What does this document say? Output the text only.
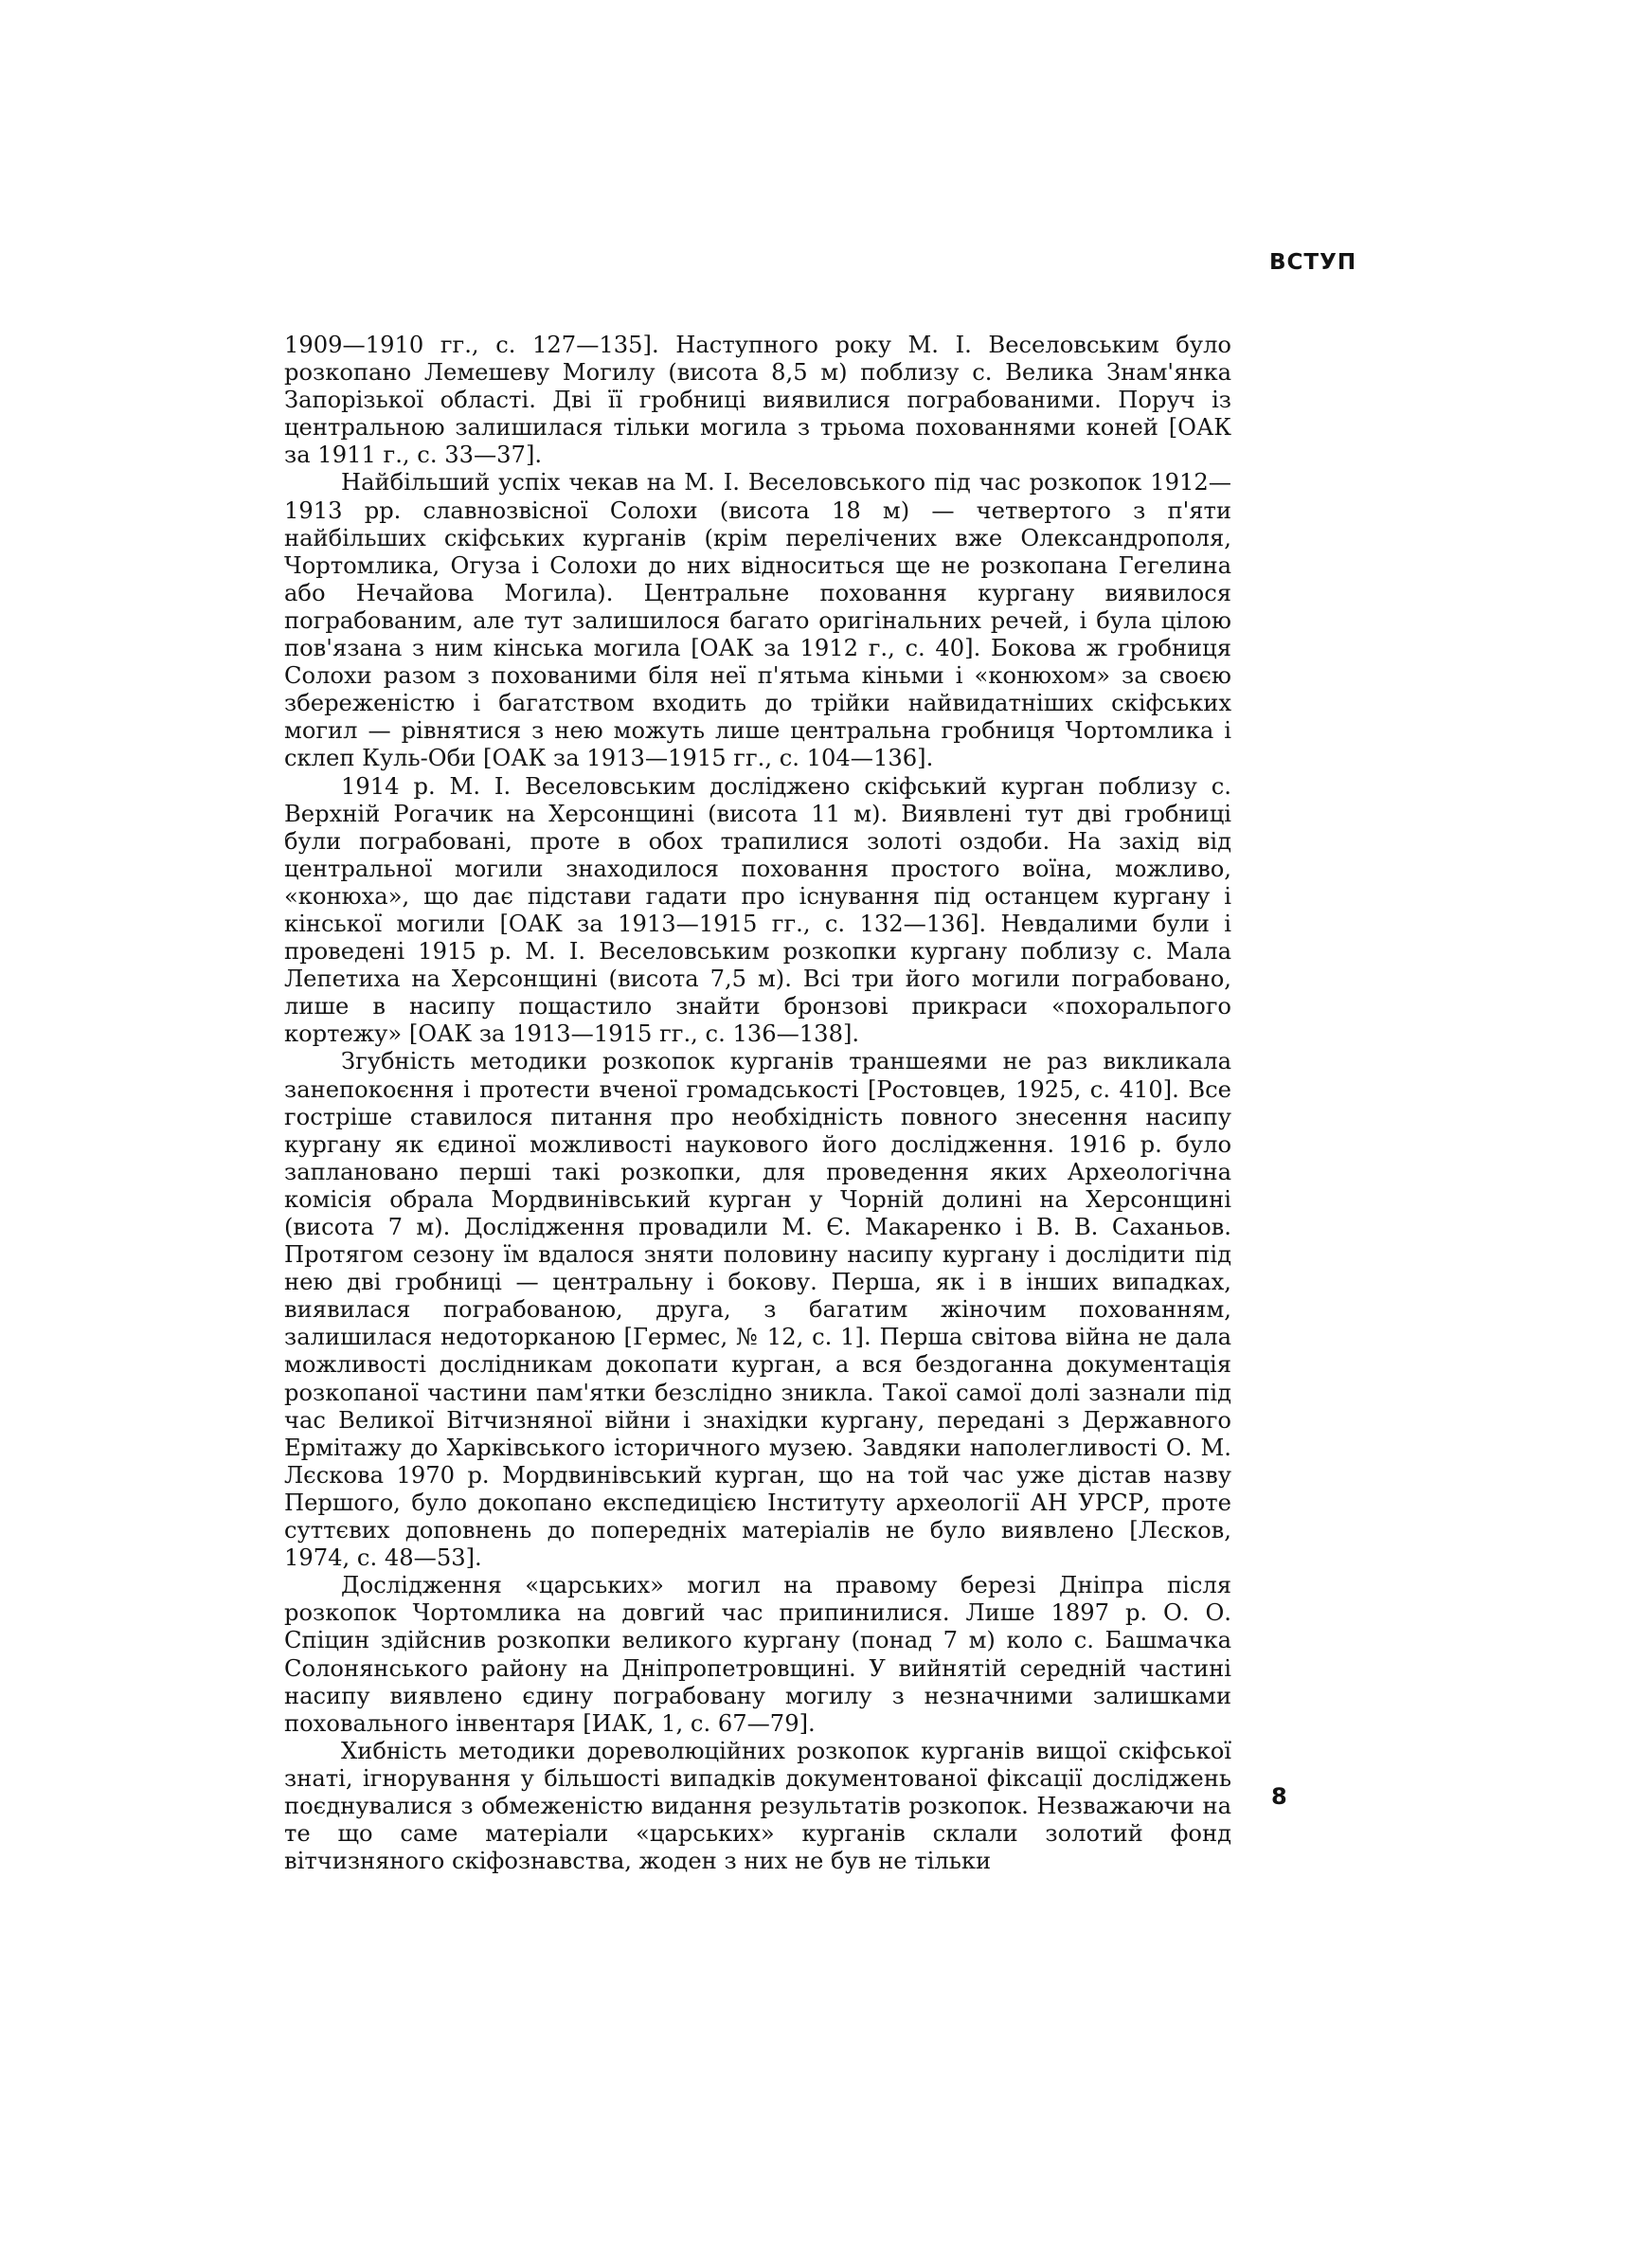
ВСТУП

1909—1910 гг., с. 127—135]. Наступного року М. І. Веселовським було розкопано Лемешеву Могилу (висота 8,5 м) поблизу с. Велика Знам'янка Запорізької області. Дві її гробниці виявилися пограбованими. Поруч із центральною залишилася тільки могила з трьома похованнями коней [ОАК за 1911 г., с. 33—37].

Найбільший успіх чекав на М. І. Веселовського під час розкопок 1912—1913 рр. славнозвісної Солохи (висота 18 м) — четвертого з п'яти найбільших скіфських курганів (крім перелічених вже Олександрополя, Чортомлика, Огуза і Солохи до них відноситься ще не розкопана Гегелина або Нечайова Могила). Центральне поховання кургану виявилося пограбованим, але тут залишилося багато оригінальних речей, і була цілою пов'язана з ним кінська могила [ОАК за 1912 г., с. 40]. Бокова ж гробниця Солохи разом з похованими біля неї п'ятьма кіньми і «конюхом» за своєю збереженістю і багатством входить до трійки найвидатніших скіфських могил — рівнятися з нею можуть лише центральна гробниця Чортомлика і склеп Куль-Оби [ОАК за 1913—1915 гг., с. 104—136].

1914 р. М. І. Веселовським досліджено скіфський курган поблизу с. Верхній Рогачик на Херсонщині (висота 11 м). Виявлені тут дві гробниці були пограбовані, проте в обох трапилися золоті оздоби. На захід від центральної могили знаходилося поховання простого воїна, можливо, «конюха», що дає підстави гадати про існування під останцем кургану і кінської могили [ОАК за 1913—1915 гг., с. 132—136]. Невдалими були і проведені 1915 р. М. І. Веселовським розкопки кургану поблизу с. Мала Лепетиха на Херсонщині (висота 7,5 м). Всі три його могили пограбовано, лише в насипу пощастило знайти бронзові прикраси «похоральпого кортежу» [ОАК за 1913—1915 гг., с. 136—138].

Згубність методики розкопок курганів траншеями не раз викликала занепокоєння і протести вченої громадськості [Ростовцев, 1925, с. 410]. Все гостріше ставилося питання про необхідність повного знесення насипу кургану як єдиної можливості наукового його дослідження. 1916 р. було заплановано перші такі розкопки, для проведення яких Археологічна комісія обрала Мордвинівський курган у Чорній долині на Херсонщині (висота 7 м). Дослідження провадили М. Є. Макаренко і В. В. Саханьов. Протягом сезону їм вдалося зняти половину насипу кургану і дослідити під нею дві гробниці — центральну і бокову. Перша, як і в інших випадках, виявилася пограбованою, друга, з багатим жіночим похованням, залишилася недоторканою [Гермес, № 12, с. 1]. Перша світова війна не дала можливості дослідникам докопати курган, а вся бездоганна документація розкопаної частини пам'ятки безслідно зникла. Такої самої долі зазнали під час Великої Вітчизняної війни і знахідки кургану, передані з Державного Ермітажу до Харківського історичного музею. Завдяки наполегливості О. М. Лєскова 1970 р. Мордвинівський курган, що на той час уже дістав назву Першого, було докопано експедицією Інституту археології АН УРСР, проте суттєвих доповнень до попередніх матеріалів не було виявлено [Лєсков, 1974, с. 48—53].

Дослідження «царських» могил на правому березі Дніпра після розкопок Чортомлика на довгий час припинилися. Лише 1897 р. О. О. Спіцин здійснив розкопки великого кургану (понад 7 м) коло с. Башмачка Солонянського району на Дніпропетровщині. У вийнятій середній частині насипу виявлено єдину пограбовану могилу з незначними залишками поховального інвентаря [ИАК, 1, с. 67—79].

Хибність методики дореволюційних розкопок курганів вищої скіфської знаті, ігнорування у більшості випадків документованої фіксації досліджень поєднувалися з обмеженістю видання результатів розкопок. Незважаючи на те що саме матеріали «царських» курганів склали золотий фонд вітчизняного скіфознавства, жоден з них не був не тільки

8
